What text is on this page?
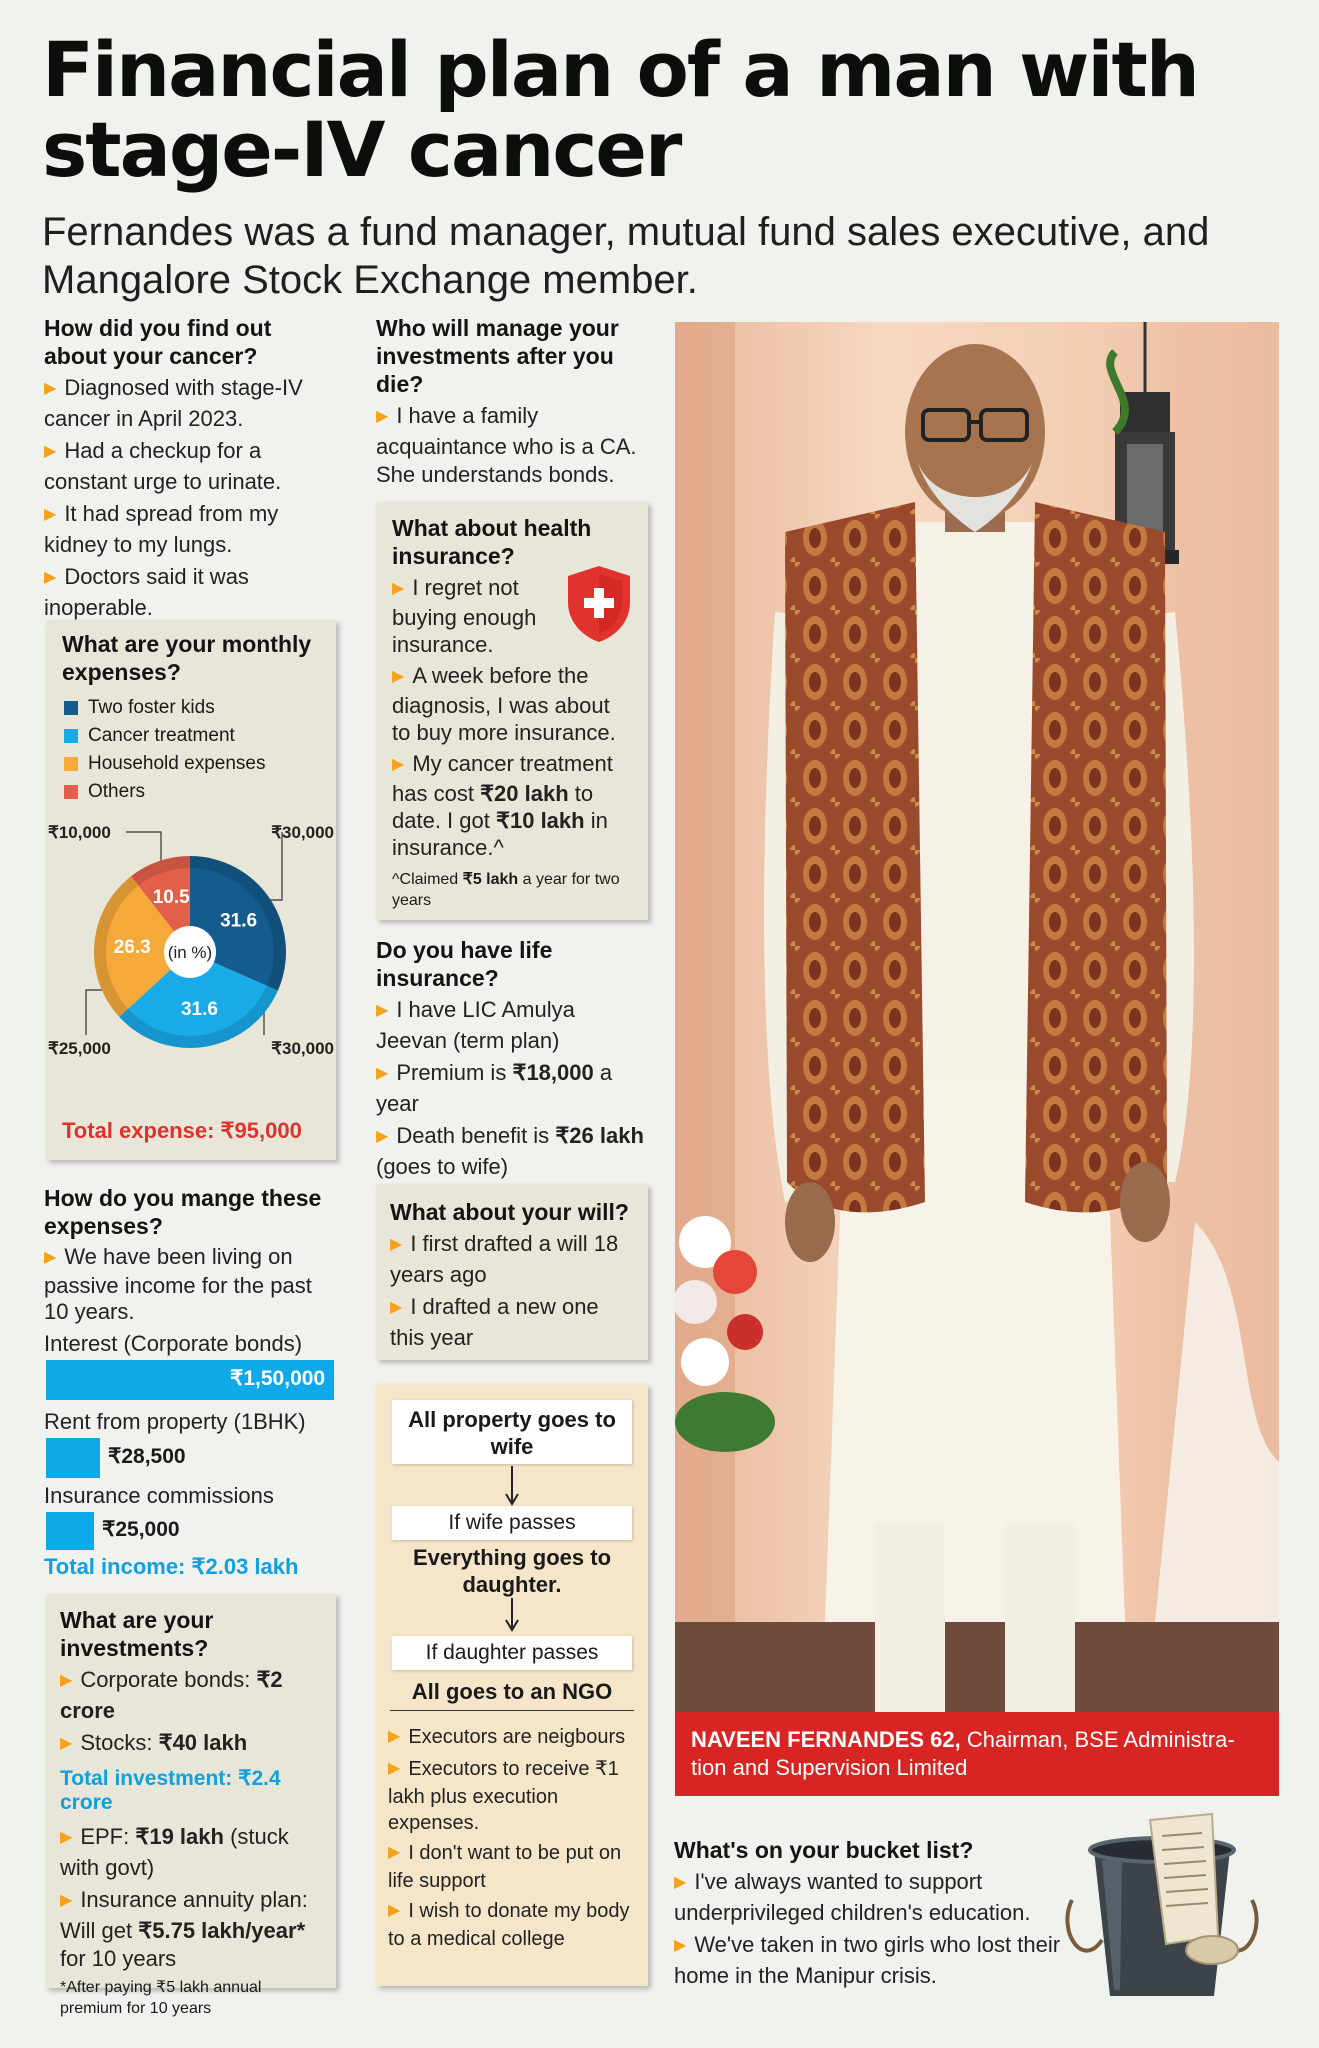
Financial plan of a man with stage-IV cancer
Fernandes was a fund manager, mutual fund sales executive, and Mangalore Stock Exchange member.
How did you find out about your cancer?
▶ Diagnosed with stage-IV cancer in April 2023.
▶ Had a checkup for a constant urge to urinate.
▶ It had spread from my kidney to my lungs.
▶ Doctors said it was inoperable.
What are your monthly expenses?
Two foster kids
Cancer treatment
Household expenses
Others
31.6
31.6
26.3
10.5
(in %)
₹10,000	₹30,000
₹25,000	₹30,000
Total expense: ₹95,000
How do you mange these expenses?
▶ We have been living on passive income for the past 10 years.
Interest (Corporate bonds)
₹1,50,000
Rent from property (1BHK)
₹28,500
Insurance commissions
₹25,000
Total income: ₹2.03 lakh
What are your investments?
▶ Corporate bonds: ₹2 crore
▶ Stocks: ₹40 lakh
Total investment: ₹2.4 crore
▶ EPF: ₹19 lakh (stuck with govt)
▶ Insurance annuity plan: Will get ₹5.75 lakh/year* for 10 years
*After paying ₹5 lakh annual premium for 10 years
Who will manage your investments after you die?
▶ I have a family acquaintance who is a CA. She understands bonds.
What about health insurance?
▶ I regret not buying enough insurance.
▶ A week before the diagnosis, I was about to buy more insurance.
▶ My cancer treatment has cost ₹20 lakh to date. I got ₹10 lakh in insurance.^
^Claimed ₹5 lakh a year for two years
Do you have life insurance?
▶ I have LIC Amulya Jeevan (term plan)
▶ Premium is ₹18,000 a year
▶ Death benefit is ₹26 lakh (goes to wife)
What about your will?
▶ I first drafted a will 18 years ago
▶ I drafted a new one this year
All property goes to wife
If wife passes
Everything goes to daughter.
If daughter passes
All goes to an NGO
▶ Executors are neigbours
▶ Executors to receive ₹1 lakh plus execution expenses.
▶ I don't want to be put on life support
▶ I wish to donate my body to a medical college
NAVEEN FERNANDES 62, Chairman, BSE Administra-tion and Supervision Limited
What's on your bucket list?
▶ I've always wanted to support underprivileged children's education.
▶ We've taken in two girls who lost their home in the Manipur crisis.
